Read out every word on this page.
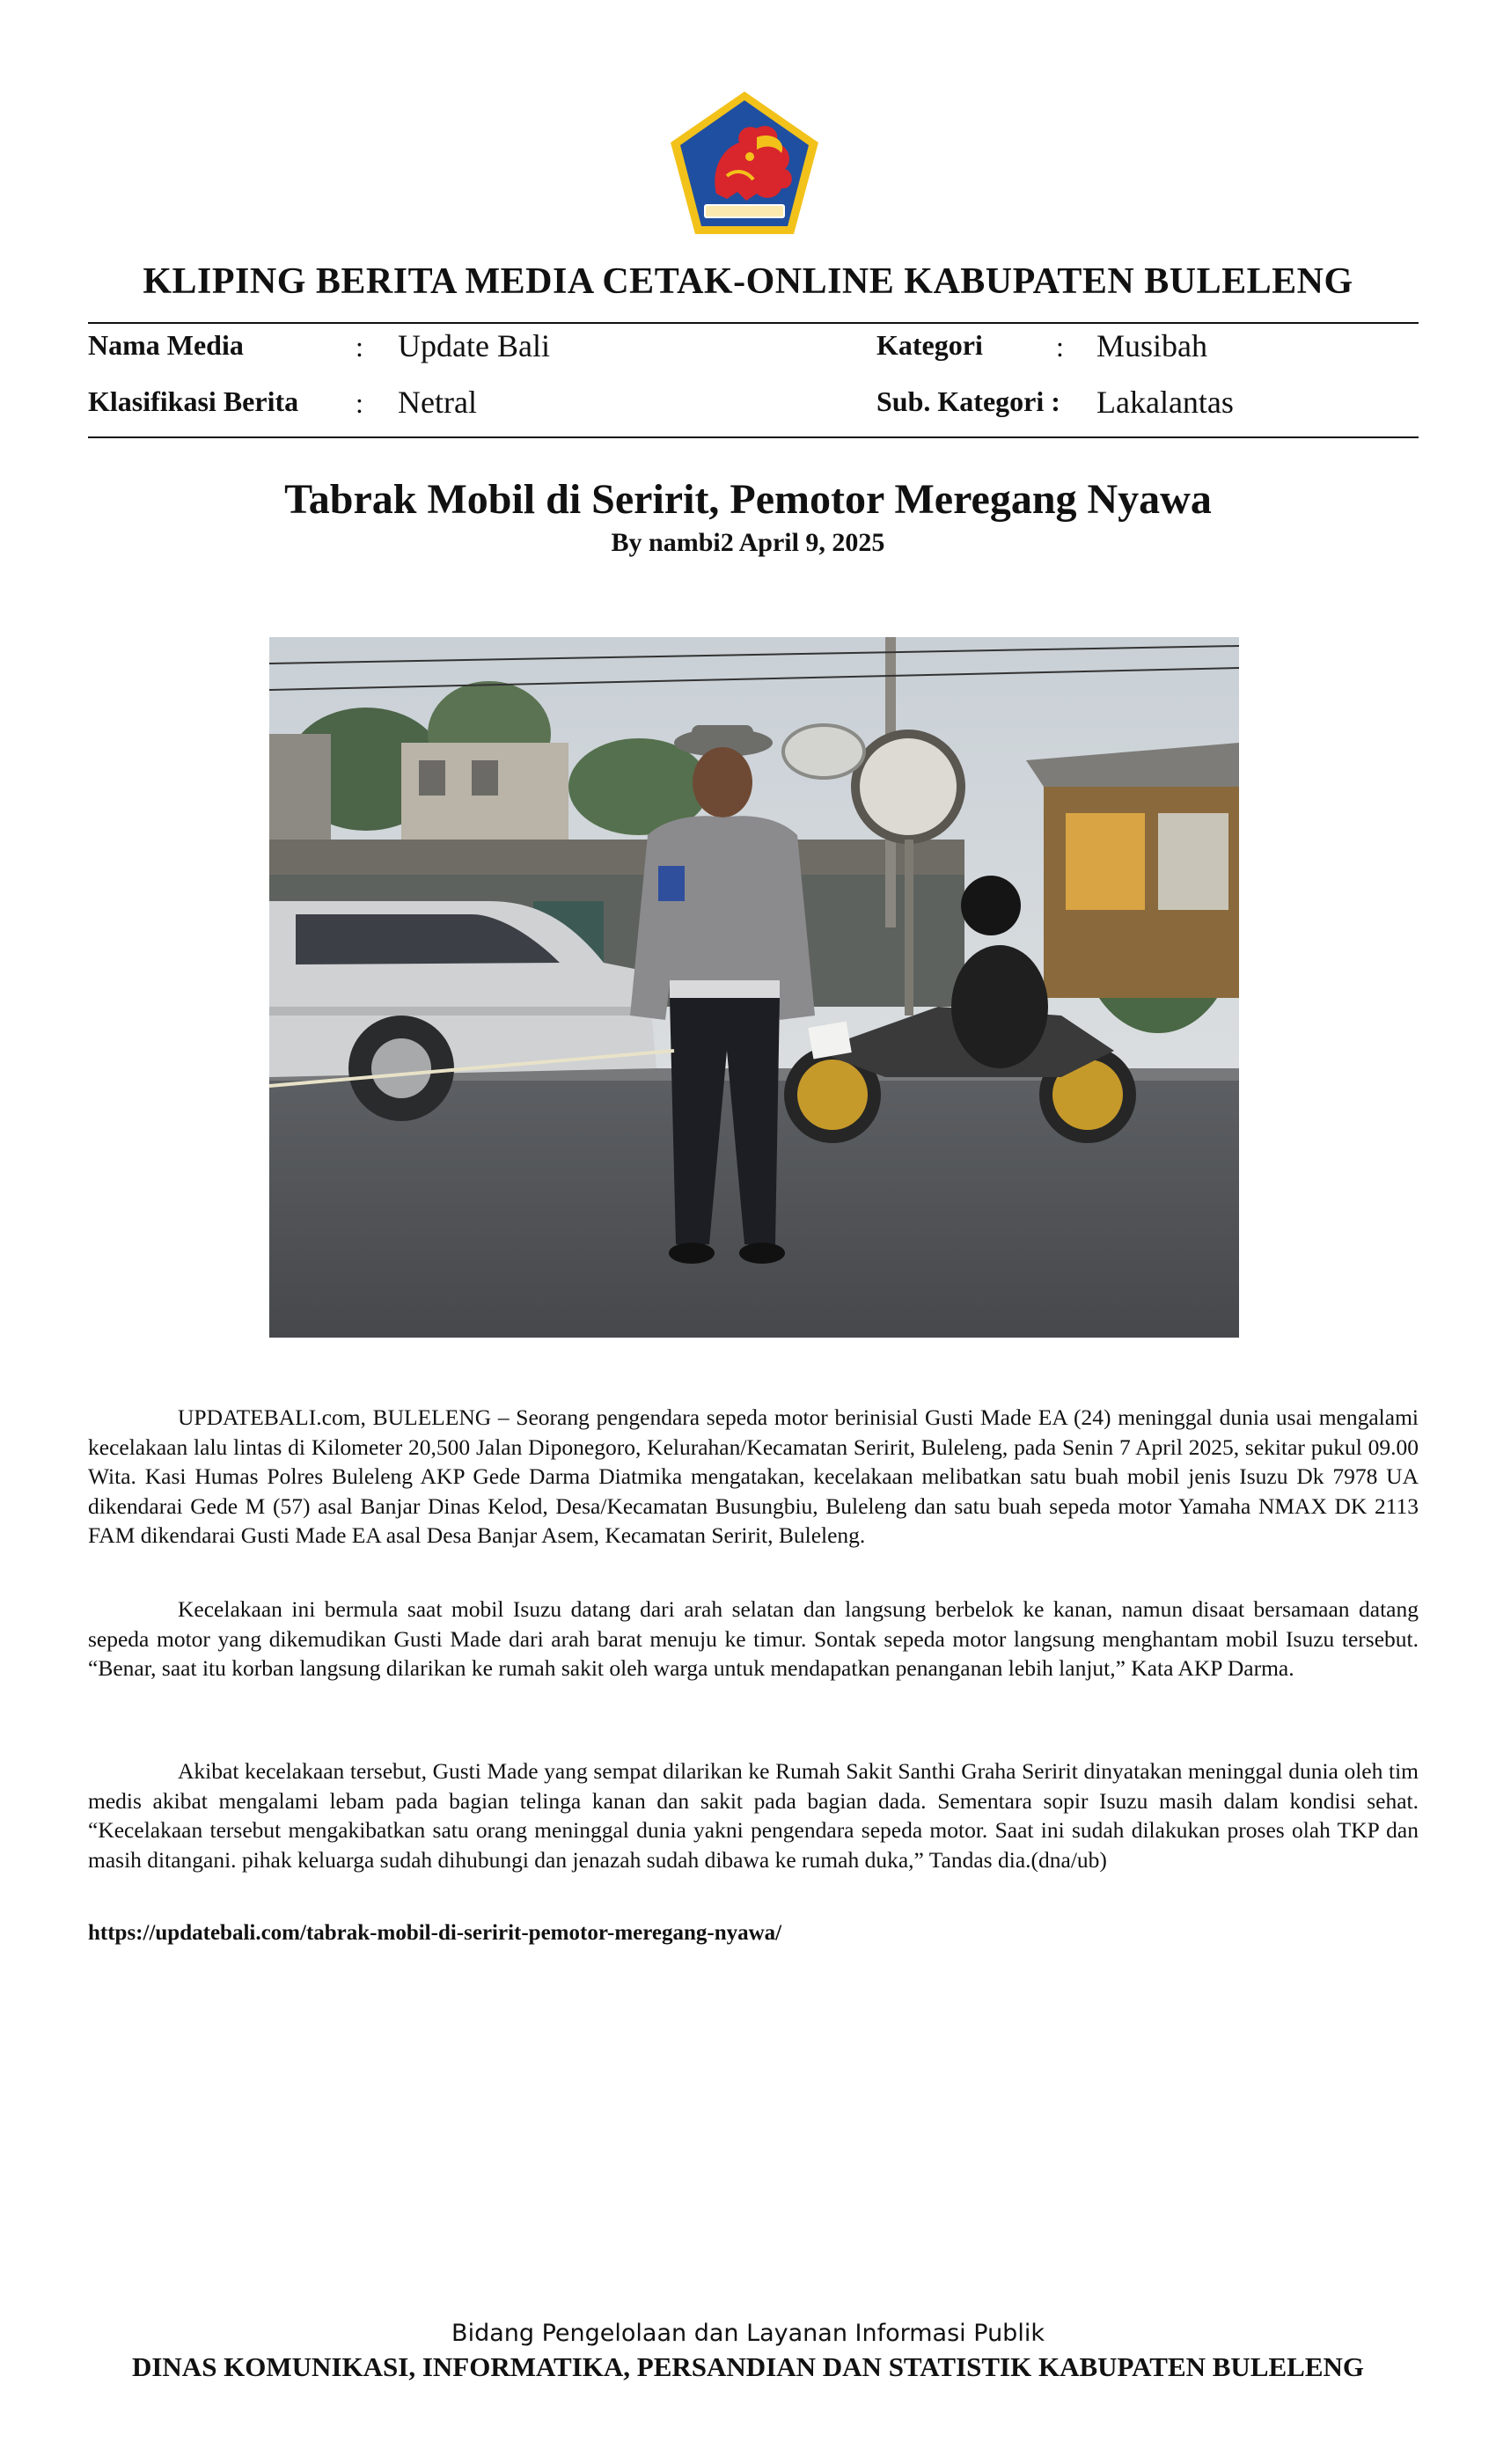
KLIPING BERITA MEDIA CETAK-ONLINE KABUPATEN BULELENG
Nama Media	: Update Bali	Kategori	: Musibah
Klasifikasi Berita : Netral	Sub. Kategori : Lakalantas
Tabrak Mobil di Seririt, Pemotor Meregang Nyawa
By nambi2 April 9, 2025

UPDATEBALI.com, BULELENG – Seorang pengendara sepeda motor berinisial Gusti Made EA (24) meninggal dunia usai mengalami kecelakaan lalu lintas di Kilometer 20,500 Jalan Diponegoro, Kelurahan/Kecamatan Seririt, Buleleng, pada Senin 7 April 2025, sekitar pukul 09.00 Wita. Kasi Humas Polres Buleleng AKP Gede Darma Diatmika mengatakan, kecelakaan melibatkan satu buah mobil jenis Isuzu Dk 7978 UA dikendarai Gede M (57) asal Banjar Dinas Kelod, Desa/Kecamatan Busungbiu, Buleleng dan satu buah sepeda motor Yamaha NMAX DK 2113 FAM dikendarai Gusti Made EA asal Desa Banjar Asem, Kecamatan Seririt, Buleleng.

Kecelakaan ini bermula saat mobil Isuzu datang dari arah selatan dan langsung berbelok ke kanan, namun disaat bersamaan datang sepeda motor yang dikemudikan Gusti Made dari arah barat menuju ke timur. Sontak sepeda motor langsung menghantam mobil Isuzu tersebut. “Benar, saat itu korban langsung dilarikan ke rumah sakit oleh warga untuk mendapatkan penanganan lebih lanjut,” Kata AKP Darma.

Akibat kecelakaan tersebut, Gusti Made yang sempat dilarikan ke Rumah Sakit Santhi Graha Seririt dinyatakan meninggal dunia oleh tim medis akibat mengalami lebam pada bagian telinga kanan dan sakit pada bagian dada. Sementara sopir Isuzu masih dalam kondisi sehat. “Kecelakaan tersebut mengakibatkan satu orang meninggal dunia yakni pengendara sepeda motor. Saat ini sudah dilakukan proses olah TKP dan masih ditangani. pihak keluarga sudah dihubungi dan jenazah sudah dibawa ke rumah duka,” Tandas dia.(dna/ub)

https://updatebali.com/tabrak-mobil-di-seririt-pemotor-meregang-nyawa/
Bidang Pengelolaan dan Layanan Informasi Publik
DINAS KOMUNIKASI, INFORMATIKA, PERSANDIAN DAN STATISTIK KABUPATEN BULELENG
